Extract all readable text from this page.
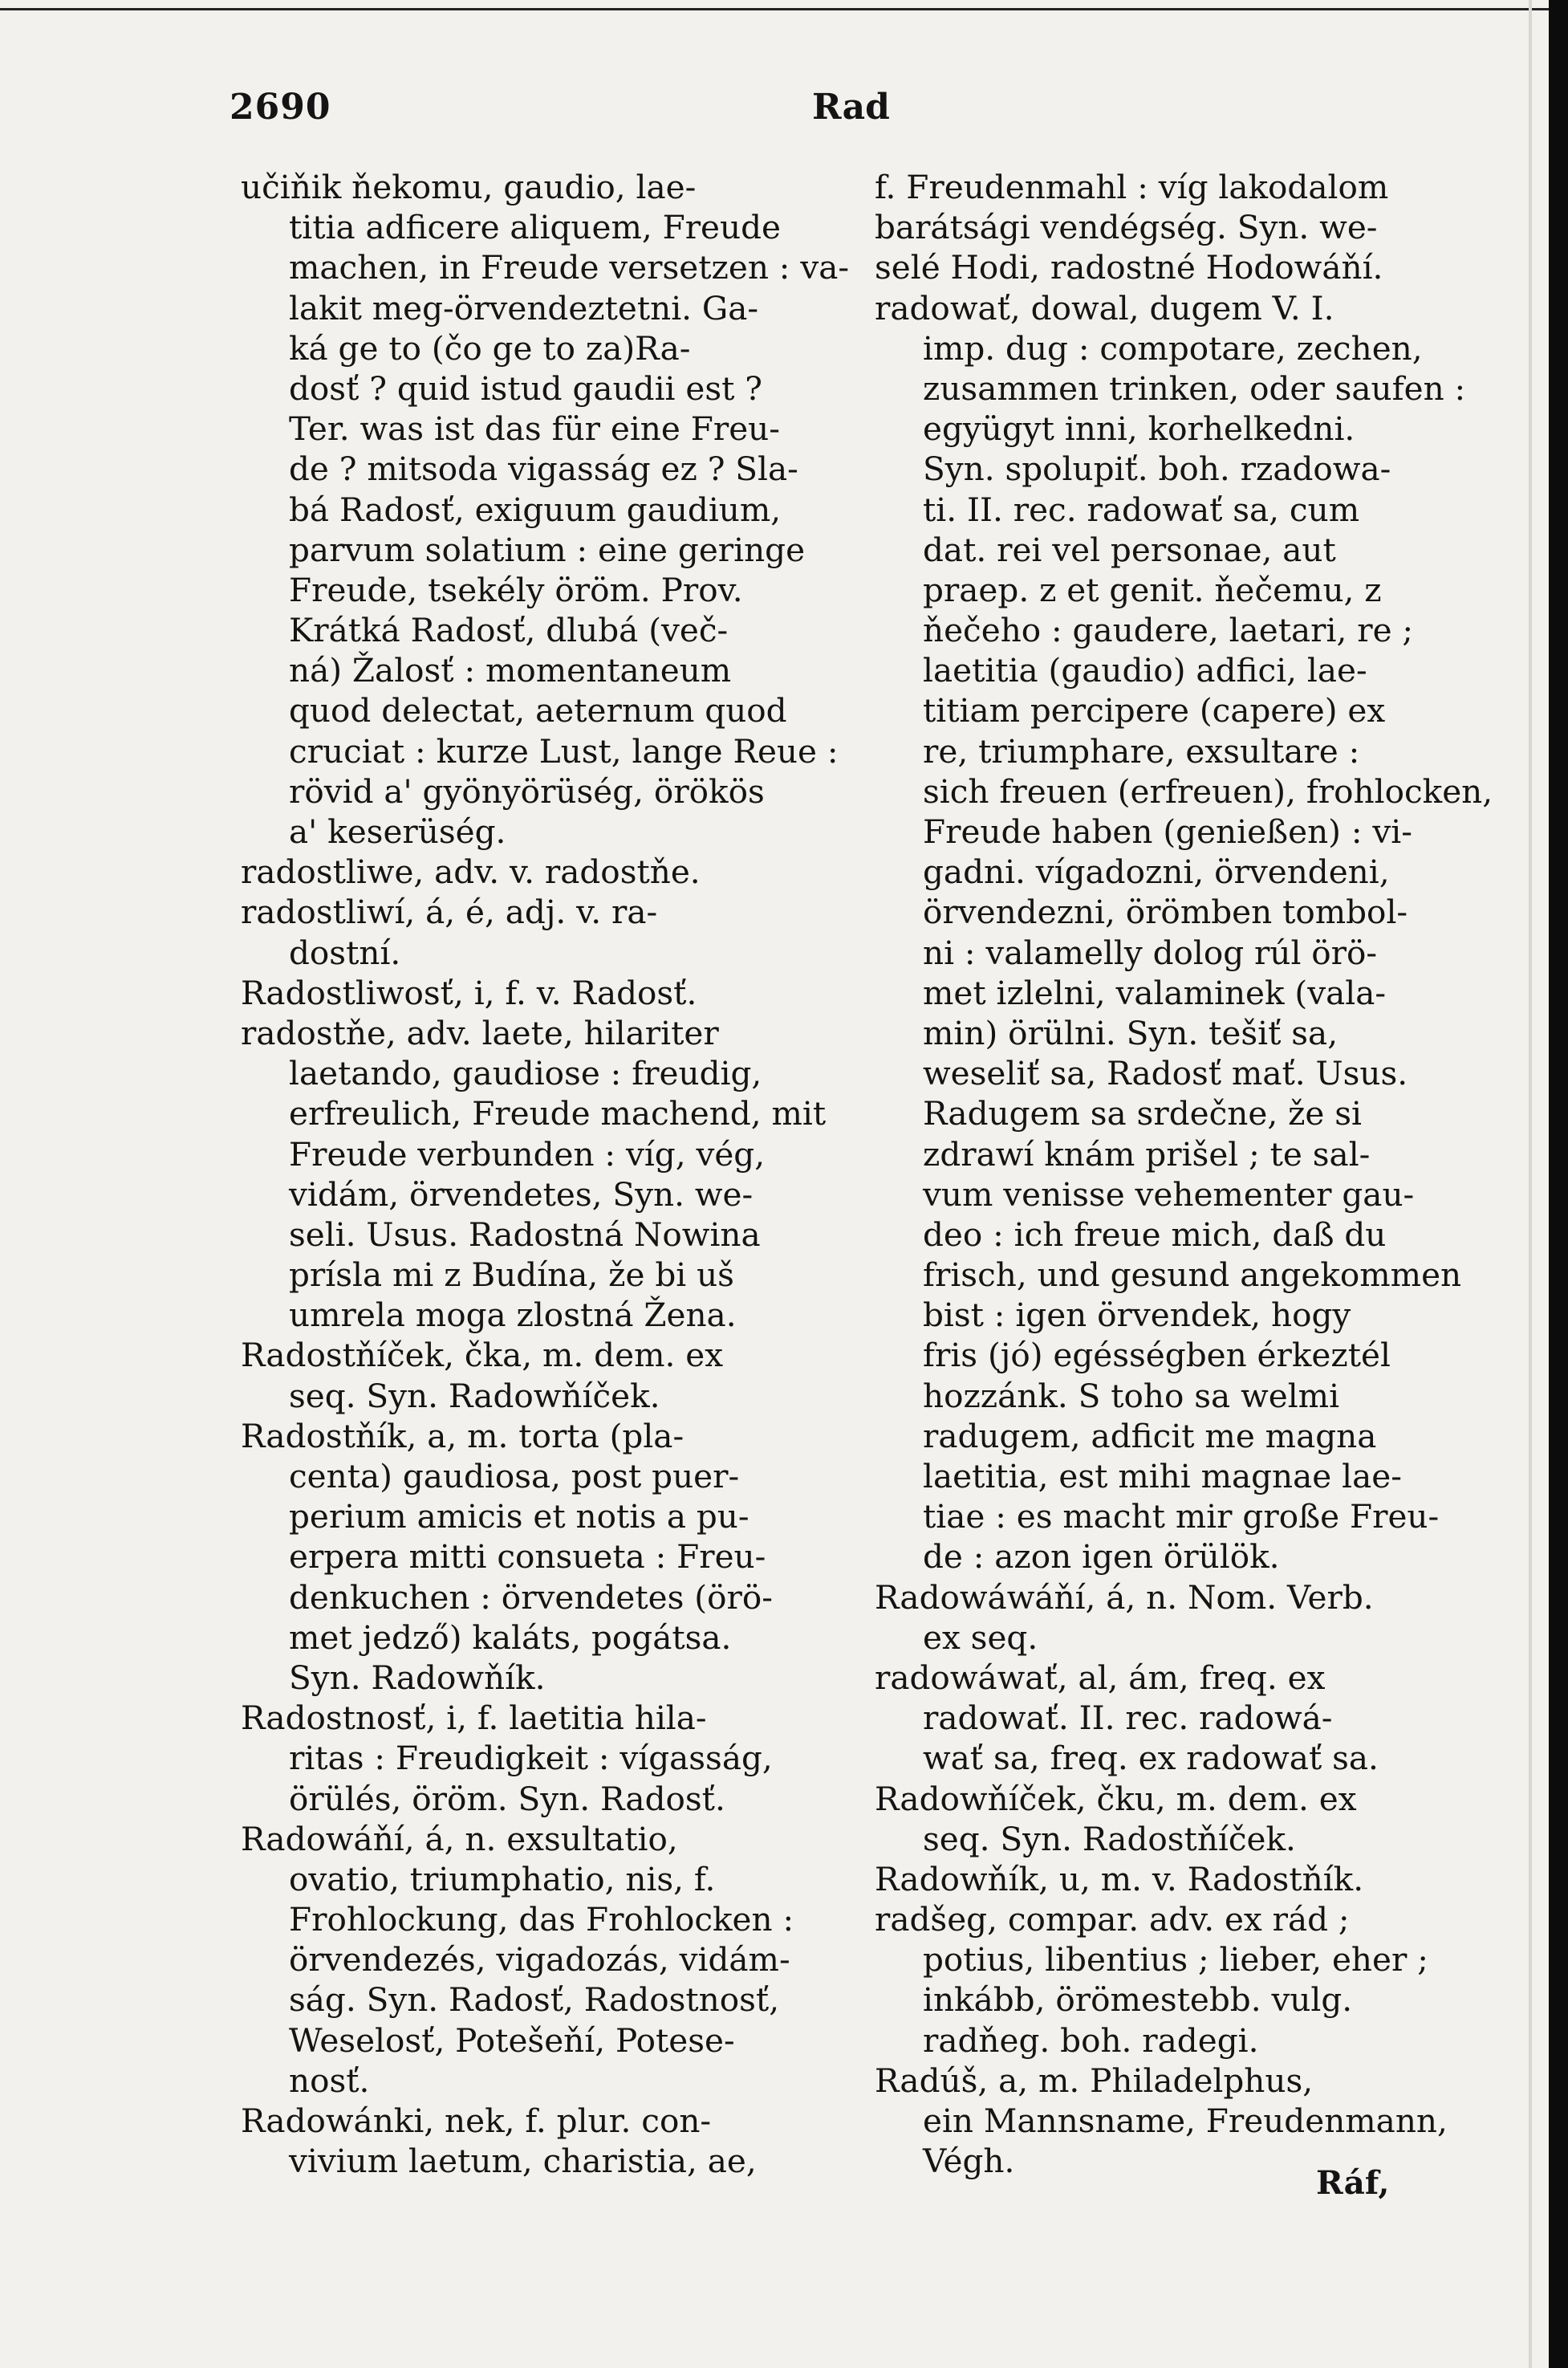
2690	Rad
učiňik ňekomu, gaudio, lae-
titia adficere aliquem, Freude
machen, in Freude versetzen : va-
lakit meg-örvendeztetni. Ga-
ká ge to (čo ge to za)Ra-
dosť ? quid istud gaudii est ?
Ter. was ist das für eine Freu-
de ? mitsoda vigasság ez ? Sla-
bá Radosť, exiguum gaudium,
parvum solatium : eine geringe
Freude, tsekély öröm. Prov.
Krátká Radosť, dlubá (več-
ná) Žalosť : momentaneum
quod delectat, aeternum quod
cruciat : kurze Lust, lange Reue :
rövid a' gyönyörüség, örökös
a' keserüség.
radostliwe, adv. v. radostňe.
radostliwí, á, é, adj. v. ra-
dostní.
Radostliwosť, i, f. v. Radosť.
radostňe, adv. laete, hilariter
laetando, gaudiose : freudig,
erfreulich, Freude machend, mit
Freude verbunden : víg, vég,
vidám, örvendetes, Syn. we-
seli. Usus. Radostná Nowina
prísla mi z Budína, že bi uš
umrela moga zlostná Žena.
Radostňíček, čka, m. dem. ex
seq. Syn. Radowňíček.
Radostňík, a, m. torta (pla-
centa) gaudiosa, post puer-
perium amicis et notis a pu-
erpera mitti consueta : Freu-
denkuchen : örvendetes (örö-
met jedző) kaláts, pogátsa.
Syn. Radowňík.
Radostnosť, i, f. laetitia hila-
ritas : Freudigkeit : vígasság,
örülés, öröm. Syn. Radosť.
Radowáňí, á, n. exsultatio,
ovatio, triumphatio, nis, f.
Frohlockung, das Frohlocken :
örvendezés, vigadozás, vidám-
ság. Syn. Radosť, Radostnosť,
Weselosť, Potešeňí, Potese-
nosť.
Radowánki, nek, f. plur. con-
vivium laetum, charistia, ae,
f. Freudenmahl : víg lakodalom
barátsági vendégség. Syn. we-
selé Hodi, radostné Hodowáňí.
radowať, dowal, dugem V. I.
imp. dug : compotare, zechen,
zusammen trinken, oder saufen :
együgyt inni, korhelkedni.
Syn. spolupiť. boh. rzadowa-
ti. II. rec. radowať sa, cum
dat. rei vel personae, aut
praep. z et genit. ňečemu, z
ňečeho : gaudere, laetari, re ;
laetitia (gaudio) adfici, lae-
titiam percipere (capere) ex
re, triumphare, exsultare :
sich freuen (erfreuen), frohlocken,
Freude haben (genießen) : vi-
gadni. vígadozni, örvendeni,
örvendezni, örömben tombol-
ni : valamelly dolog rúl örö-
met izlelni, valaminek (vala-
min) örülni. Syn. tešiť sa,
weseliť sa, Radosť mať. Usus.
Radugem sa srdečne, že si
zdrawí knám prišel ; te sal-
vum venisse vehementer gau-
deo : ich freue mich, daß du
frisch, und gesund angekommen
bist : igen örvendek, hogy
fris (jó) egésségben érkeztél
hozzánk. S toho sa welmi
radugem, adficit me magna
laetitia, est mihi magnae lae-
tiae : es macht mir große Freu-
de : azon igen örülök.
Radowáwáňí, á, n. Nom. Verb.
ex seq.
radowáwať, al, ám, freq. ex
radowať. II. rec. radowá-
wať sa, freq. ex radowať sa.
Radowňíček, čku, m. dem. ex
seq. Syn. Radostňíček.
Radowňík, u, m. v. Radostňík.
radšeg, compar. adv. ex rád ;
potius, libentius ; lieber, eher ;
inkább, örömestebb. vulg.
radňeg. boh. radegi.
Radúš, a, m. Philadelphus,
ein Mannsname, Freudenmann,
Végh.
Ráf,
